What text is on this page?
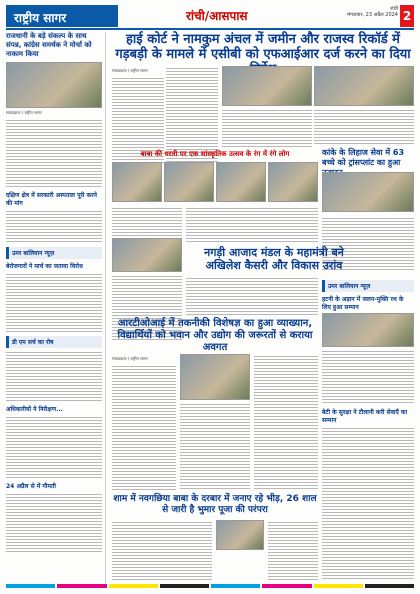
राष्ट्रीय सागर	रांची/आसपास	रांची
मंगलवार, 23 अप्रैल 2024 2
राजधानी के बड़े संकल्प के साथ संपन्न, कांग्रेस समर्थक ने मोर्चा को नाकाम किया
संवाददाता / राष्ट्रीय सागर
दक्षिण क्षेत्र में सरकारी अस्पताल पूरी करने की मांग
उमर बालियान न्यूज़
बेरोजगारों ने मार्च का जताया विरोध
डी एम सर्च का रोष
अधिकारीयों ने निरीक्षण...
24 अप्रैल से में गौमती
हाई कोर्ट ने नामकुम अंचल में जमीन और राजस्व रिकॉर्ड में गड़बड़ी के मामले में एसीबी को एफआईआर दर्ज करने का दिया
संवाददाता / राष्ट्रीय सागर
बाबा की धरती पर एक सांस्कृतिक उत्सव के रंग में रंगे लोग	कांके के लिहाज सेवा में 63 बच्चे को ट्रांसप्लांट का हुआ
नगड़ी आजाद मंडल के महामंत्री बने अखिलेश कैसरी और विकास उरांव
उमर बालियान न्यूज़
हटनी के अड़ान में जलन-मुक्ति रथ के लिए हुआ सम्मान
बेटी के सुरक्षा ने टौलानी करी सेवाएँ का सम्मान
आरटीओआई में तकनीकी विशेषज्ञ का हुआ व्याख्यान, विद्यार्थियों को भवान और उद्योग की जरूरतों से कराया अवगत
संवाददाता / राष्ट्रीय सागर
शाम में नवगछिया बाबा के दरबार में जनाए रहे भीड़, 26 शाल से जारी है भुमार पूजा की परंपरा
